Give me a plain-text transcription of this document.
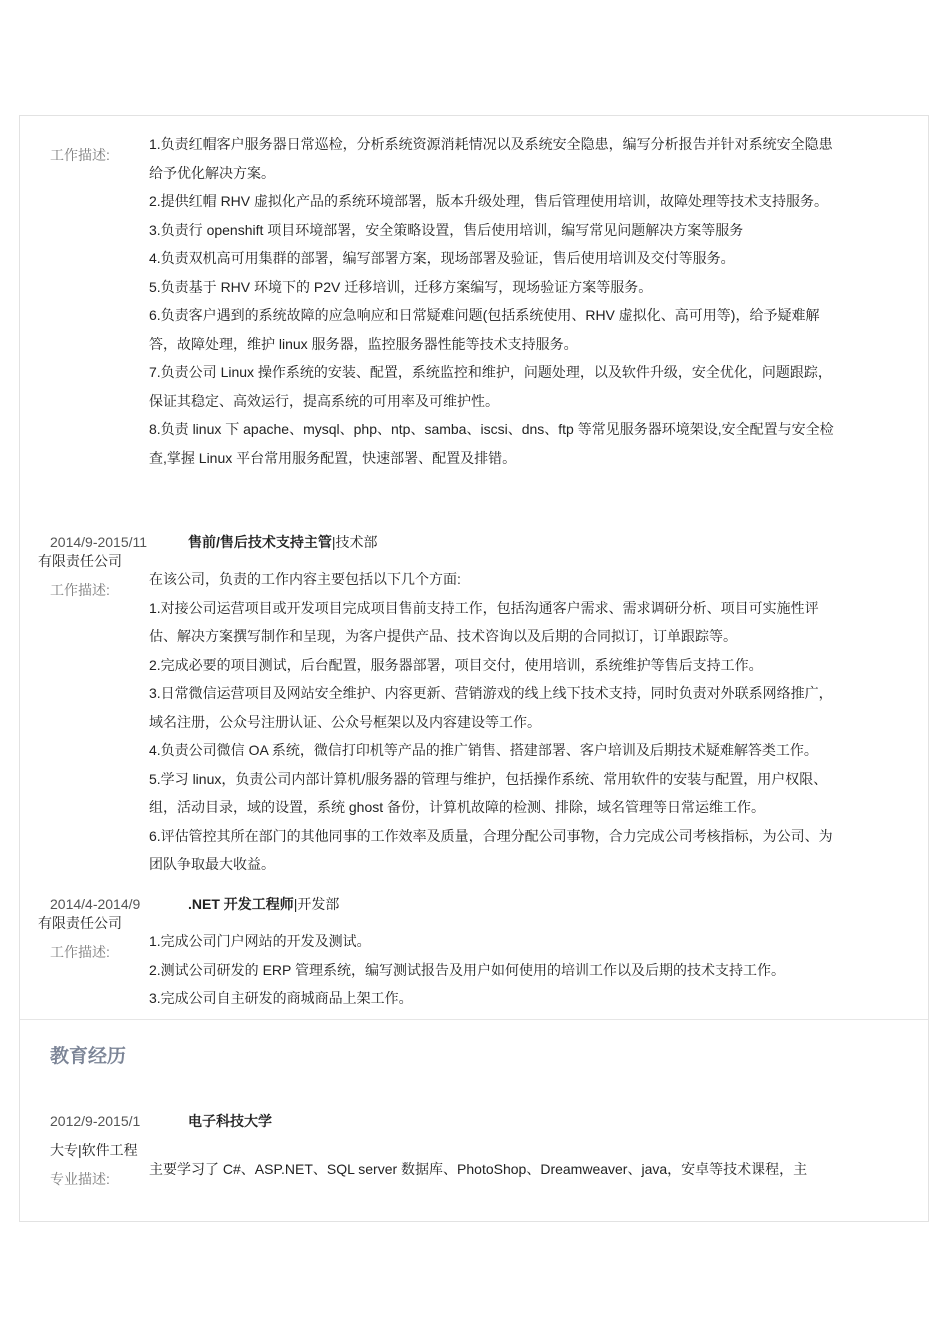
工作描述:

1.负责红帽客户服务器日常巡检，分析系统资源消耗情况以及系统安全隐患，编写分析报告并针对系统安全隐患给予优化解决方案。

2.提供红帽 RHV 虚拟化产品的系统环境部署，版本升级处理，售后管理使用培训，故障处理等技术支持服务。

3.负责行 openshift 项目环境部署，安全策略设置，售后使用培训，编写常见问题解决方案等服务

4.负责双机高可用集群的部署，编写部署方案，现场部署及验证，售后使用培训及交付等服务。

5.负责基于 RHV 环境下的 P2V 迁移培训，迁移方案编写，现场验证方案等服务。

6.负责客户遇到的系统故障的应急响应和日常疑难问题(包括系统使用、RHV 虚拟化、高可用等)，给予疑难解答，故障处理，维护 linux 服务器，监控服务器性能等技术支持服务。

7.负责公司 Linux 操作系统的安装、配置，系统监控和维护，问题处理，以及软件升级，安全优化，问题跟踪，保证其稳定、高效运行，提高系统的可用率及可维护性。

8.负责 linux 下 apache、mysql、php、ntp、samba、iscsi、dns、ftp 等常见服务器环境架设,安全配置与安全检查,掌握 Linux 平台常用服务配置，快速部署、配置及排错。

2014/9-2015/11	售前/售后技术支持主管|技术部
有限责任公司
工作描述:

在该公司，负责的工作内容主要包括以下几个方面:

1.对接公司运营项目或开发项目完成项目售前支持工作，包括沟通客户需求、需求调研分析、项目可实施性评估、解决方案撰写制作和呈现，为客户提供产品、技术咨询以及后期的合同拟订，订单跟踪等。

2.完成必要的项目测试，后台配置，服务器部署，项目交付，使用培训，系统维护等售后支持工作。

3.日常微信运营项目及网站安全维护、内容更新、营销游戏的线上线下技术支持，同时负责对外联系网络推广，域名注册，公众号注册认证、公众号框架以及内容建设等工作。

4.负责公司微信 OA 系统，微信打印机等产品的推广销售、搭建部署、客户培训及后期技术疑难解答类工作。

5.学习 linux，负责公司内部计算机/服务器的管理与维护，包括操作系统、常用软件的安装与配置，用户权限、组，活动目录，域的设置，系统 ghost 备份，计算机故障的检测、排除，域名管理等日常运维工作。

6.评估管控其所在部门的其他同事的工作效率及质量，合理分配公司事物，合力完成公司考核指标，为公司、为团队争取最大收益。

2014/4-2014/9	.NET 开发工程师|开发部
有限责任公司
工作描述:

1.完成公司门户网站的开发及测试。

2.测试公司研发的 ERP 管理系统，编写测试报告及用户如何使用的培训工作以及后期的技术支持工作。

3.完成公司自主研发的商城商品上架工作。

教育经历
2012/9-2015/1	电子科技大学
大专|软件工程
专业描述:
主要学习了 C#、ASP.NET、SQL server 数据库、PhotoShop、Dreamweaver、java，安卓等技术课程，主
